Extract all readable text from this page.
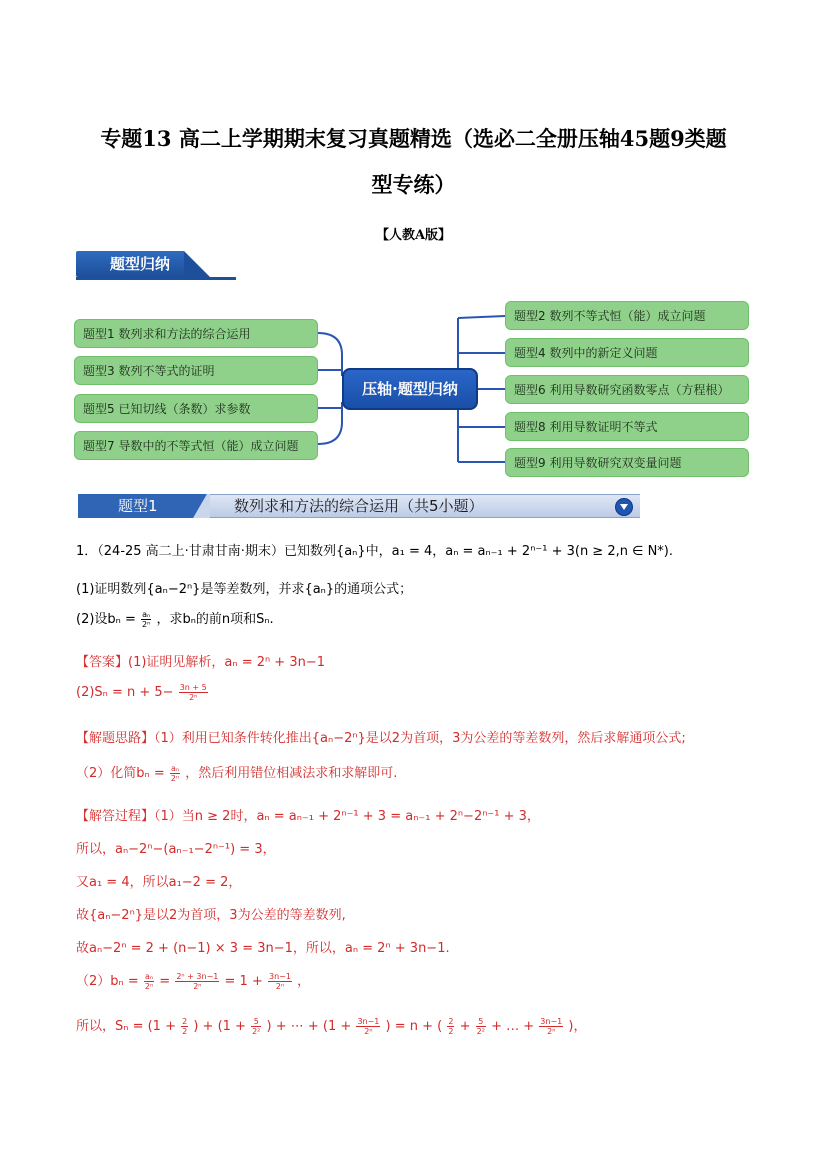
专题13 高二上学期期末复习真题精选（选必二全册压轴45题9类题
型专练）
【人教A版】
题型归纳
题型1 数列求和方法的综合运用
题型3 数列不等式的证明
题型5 已知切线（条数）求参数
题型7 导数中的不等式恒（能）成立问题
压轴·题型归纳
题型2 数列不等式恒（能）成立问题
题型4 数列中的新定义问题
题型6 利用导数研究函数零点（方程根）
题型8 利用导数证明不等式
题型9 利用导数研究双变量问题
题型1	数列求和方法的综合运用（共5小题）
1．（24-25 高二上·甘肃甘南·期末）已知数列{aₙ}中，a₁ = 4，aₙ = aₙ₋₁ + 2ⁿ⁻¹ + 3(n ≥ 2,n ∈ N*).
(1)证明数列{aₙ−2ⁿ}是等差数列，并求{aₙ}的通项公式；
(2)设$b_n = \frac{\text{aₙ}}{\text{2ⁿ}}$ ，求bₙ的前n项和Sₙ.
【答案】(1)证明见解析，aₙ = 2ⁿ + 3n−1
$(2)S_n = n + 5- \frac{3n + 5}{\text{2ⁿ}}$
【解题思路】（1）利用已知条件转化推出{aₙ−2ⁿ}是以2为首项，3为公差的等差数列，然后求解通项公式;
（2）化简$b_n = \frac{\text{aₙ}}{\text{2ⁿ}}$ ，然后利用错位相减法求和求解即可.
【解答过程】（1）当n ≥ 2时，aₙ = aₙ₋₁ + 2ⁿ⁻¹ + 3 = aₙ₋₁ + 2ⁿ−2ⁿ⁻¹ + 3，
所以，aₙ−2ⁿ−(aₙ₋₁−2ⁿ⁻¹) = 3，
又a₁ = 4，所以a₁−2 = 2，
故{aₙ−2ⁿ}是以2为首项，3为公差的等差数列,
故aₙ−2ⁿ = 2 + (n−1) × 3 = 3n−1，所以，aₙ = 2ⁿ + 3n−1.
$(2)b_n = \frac{\text{aₙ}}{\text{2ⁿ}} = \frac{\text{2ⁿ + 3n−1}}{\text{2ⁿ}} = 1 + \frac{3n-1}{\text{2ⁿ}}$ ，
所以，$S_n = (1 + \frac{2}{2}$ ) + ($1 + \frac{5}{\text{2²}}$ ) + ⋯ + ($1 + \frac{3n-1}{\text{2ⁿ}}$ ) = n + ( $\frac{2}{2} + \frac{5}{\text{2²}}$ + … + $\frac{3n-1}{\text{2ⁿ}}$ )，
